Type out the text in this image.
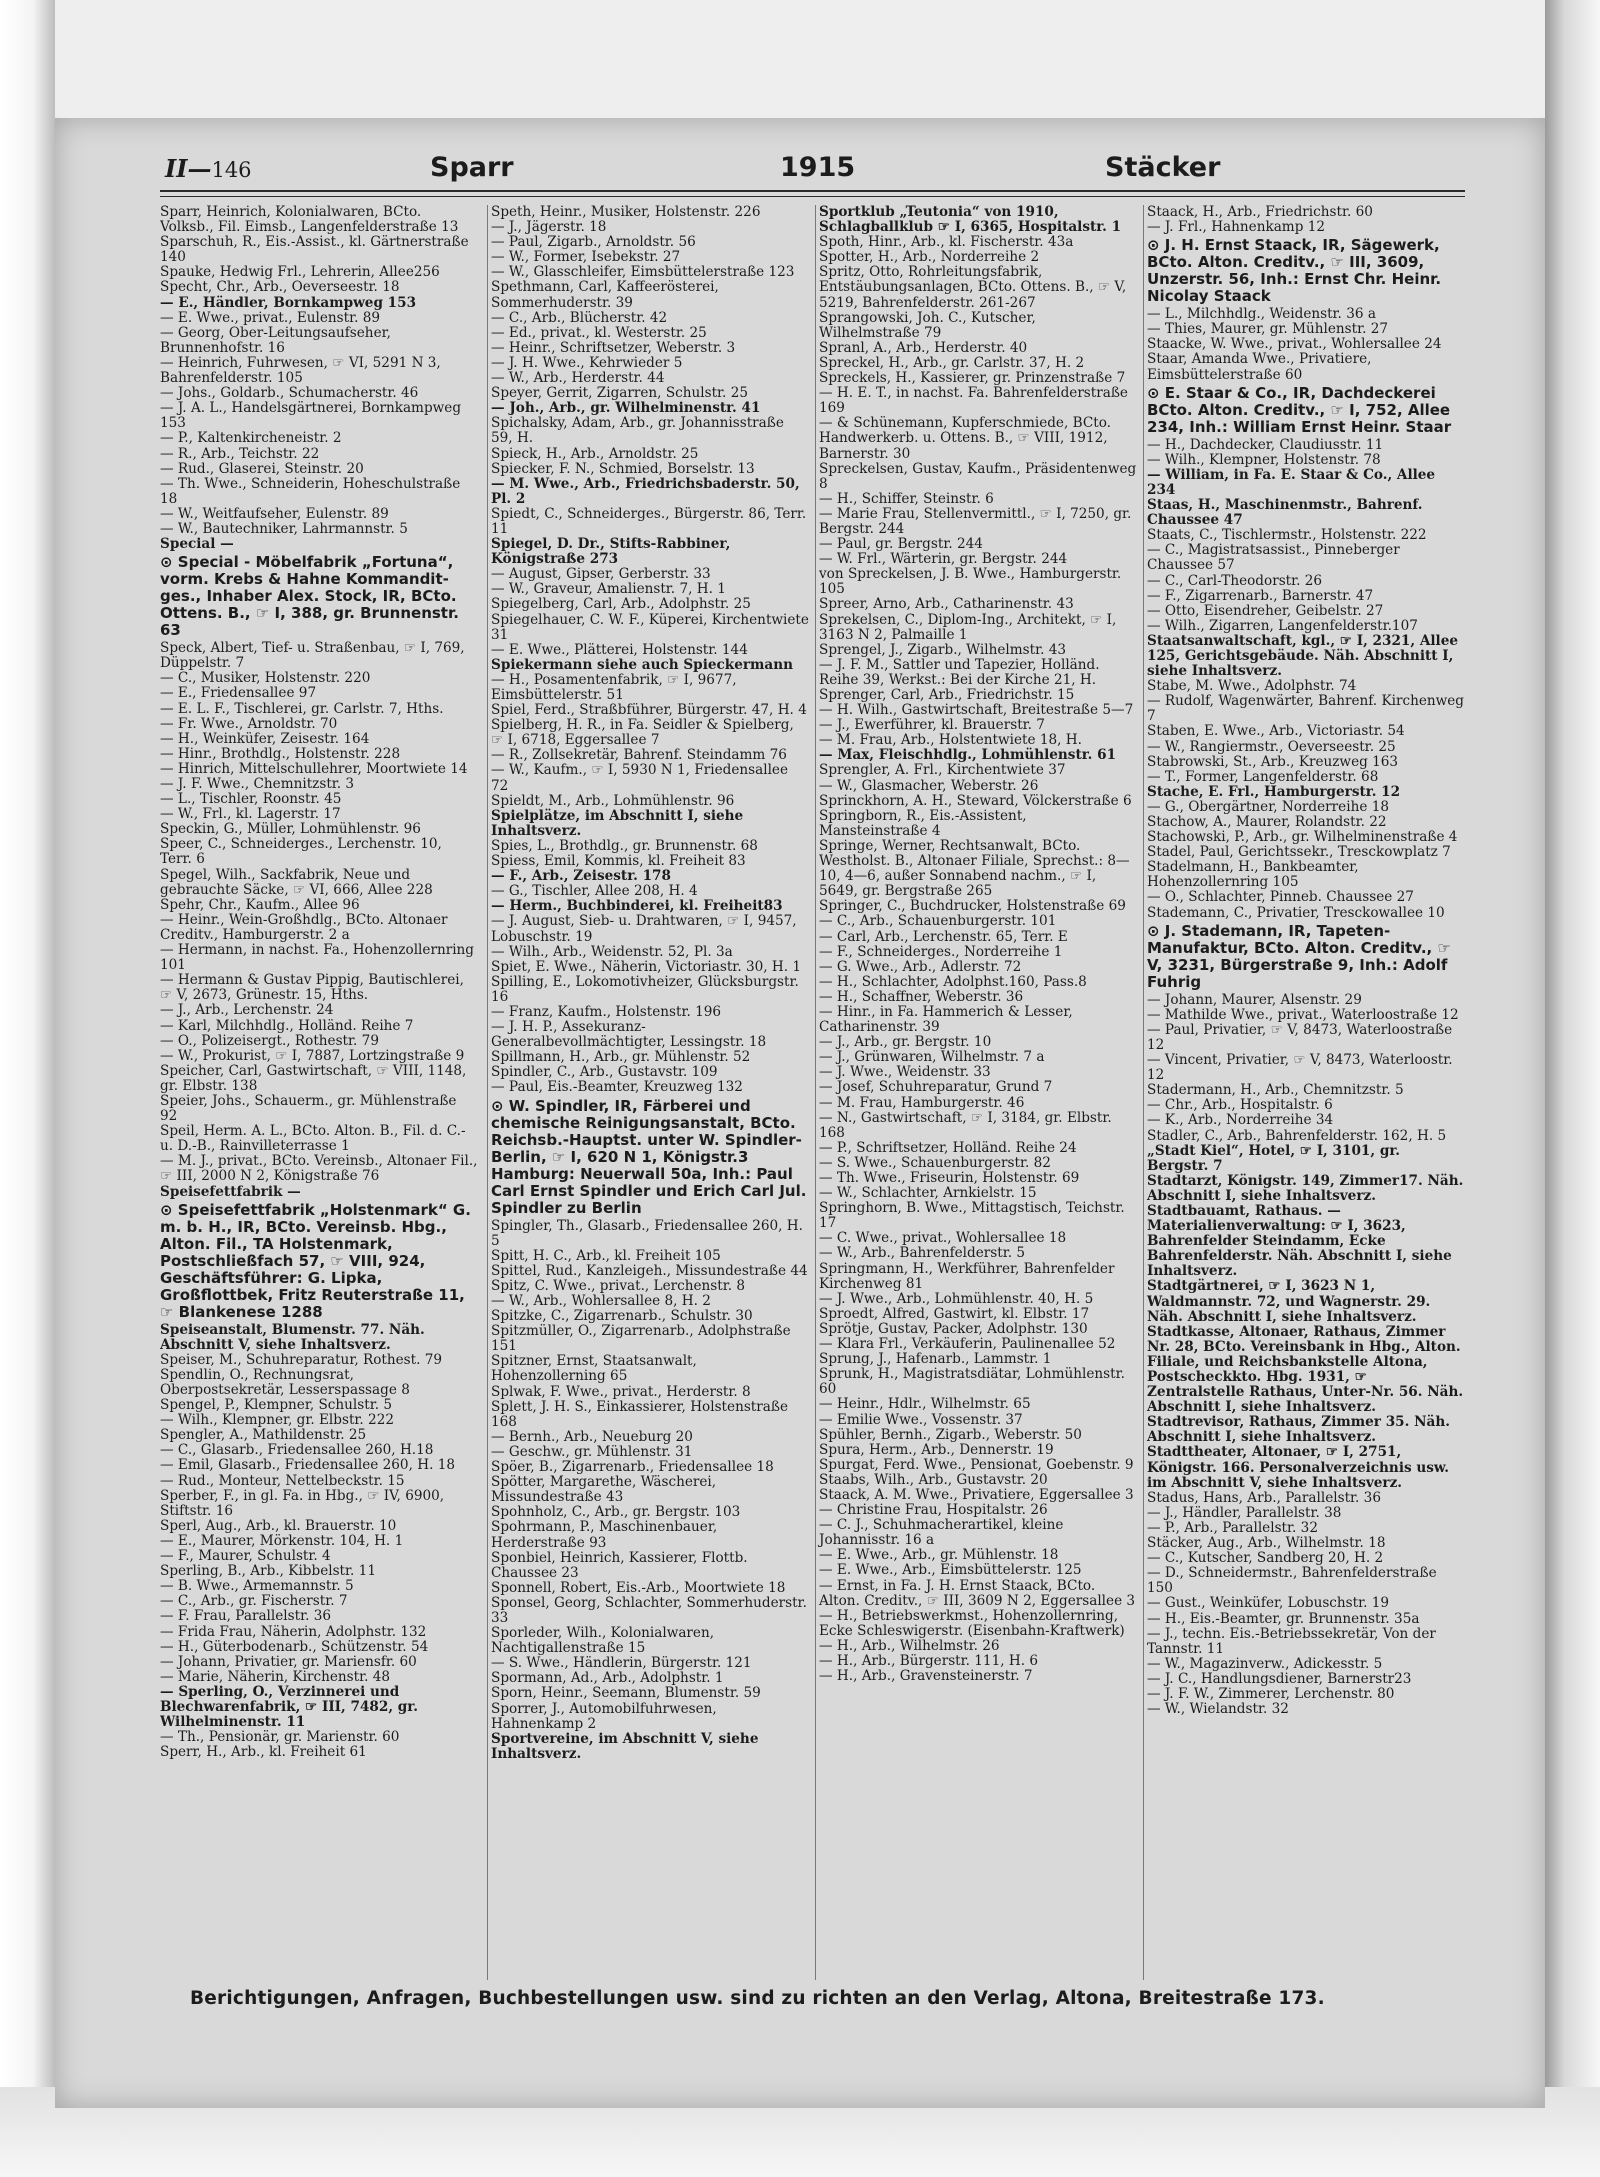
II—146	Sparr	1915	Stäcker

Sparr, Heinrich, Kolonialwaren, BCto. Volksb., Fil. Eimsb., Langenfelderstraße 13

Sparschuh, R., Eis.-Assist., kl. Gärtnerstraße 140

Spauke, Hedwig Frl., Lehrerin, Allee256

Specht, Chr., Arb., Oeverseestr. 18

— E., Händler, Bornkampweg 153

— E. Wwe., privat., Eulenstr. 89

— Georg, Ober-Leitungsaufseher, Brunnenhofstr. 16

— Heinrich, Fuhrwesen, ☞ VI, 5291 N 3, Bahrenfelderstr. 105

— Johs., Goldarb., Schumacherstr. 46

— J. A. L., Handelsgärtnerei, Bornkampweg 153

— P., Kaltenkircheneistr. 2

— R., Arb., Teichstr. 22

— Rud., Glaserei, Steinstr. 20

— Th. Wwe., Schneiderin, Hoheschulstraße 18

— W., Weitfaufseher, Eulenstr. 89

— W., Bautechniker, Lahrmannstr. 5

Special —

⊙ Special - Möbelfabrik „Fortuna“, vorm. Krebs & Hahne Kommandit-ges., Inhaber Alex. Stock, IR, BCto. Ottens. B., ☞ I, 388, gr. Brunnenstr. 63

Speck, Albert, Tief- u. Straßenbau, ☞ I, 769, Düppelstr. 7

— C., Musiker, Holstenstr. 220

— E., Friedensallee 97

— E. L. F., Tischlerei, gr. Carlstr. 7, Hths.

— Fr. Wwe., Arnoldstr. 70

— H., Weinküfer, Zeisestr. 164

— Hinr., Brothdlg., Holstenstr. 228

— Hinrich, Mittelschullehrer, Moortwiete 14

— J. F. Wwe., Chemnitzstr. 3

— L., Tischler, Roonstr. 45

— W., Frl., kl. Lagerstr. 17

Speckin, G., Müller, Lohmühlenstr. 96

Speer, C., Schneiderges., Lerchenstr. 10, Terr. 6

Spegel, Wilh., Sackfabrik, Neue und gebrauchte Säcke, ☞ VI, 666, Allee 228

Spehr, Chr., Kaufm., Allee 96

— Heinr., Wein-Großhdlg., BCto. Altonaer Creditv., Hamburgerstr. 2 a

— Hermann, in nachst. Fa., Hohenzollernring 101

— Hermann & Gustav Pippig, Bautischlerei, ☞ V, 2673, Grünestr. 15, Hths.

— J., Arb., Lerchenstr. 24

— Karl, Milchhdlg., Holländ. Reihe 7

— O., Polizeisergt., Rothestr. 79

— W., Prokurist, ☞ I, 7887, Lortzingstraße 9

Speicher, Carl, Gastwirtschaft, ☞ VIII, 1148, gr. Elbstr. 138

Speier, Johs., Schauerm., gr. Mühlenstraße 92

Speil, Herm. A. L., BCto. Alton. B., Fil. d. C.- u. D.-B., Rainvilleterrasse 1

— M. J., privat., BCto. Vereinsb., Altonaer Fil., ☞ III, 2000 N 2, Königstraße 76

Speisefettfabrik —

⊙ Speisefettfabrik „Holstenmark“ G. m. b. H., IR, BCto. Vereinsb. Hbg., Alton. Fil., TA Holstenmark, Postschließfach 57, ☞ VIII, 924, Geschäftsführer: G. Lipka, Großflottbek, Fritz Reuterstraße 11, ☞ Blankenese 1288

Speiseanstalt, Blumenstr. 77. Näh. Abschnitt V, siehe Inhaltsverz.

Speiser, M., Schuhreparatur, Rothest. 79

Spendlin, O., Rechnungsrat, Oberpostsekretär, Lesserspassage 8

Spengel, P., Klempner, Schulstr. 5

— Wilh., Klempner, gr. Elbstr. 222

Spengler, A., Mathildenstr. 25

— C., Glasarb., Friedensallee 260, H.18

— Emil, Glasarb., Friedensallee 260, H. 18

— Rud., Monteur, Nettelbeckstr. 15

Sperber, F., in gl. Fa. in Hbg., ☞ IV, 6900, Stiftstr. 16

Sperl, Aug., Arb., kl. Brauerstr. 10

— E., Maurer, Mörkenstr. 104, H. 1

— F., Maurer, Schulstr. 4

Sperling, B., Arb., Kibbelstr. 11

— B. Wwe., Armemannstr. 5

— C., Arb., gr. Fischerstr. 7

— F. Frau, Parallelstr. 36

— Frida Frau, Näherin, Adolphstr. 132

— H., Güterbodenarb., Schützenstr. 54

— Johann, Privatier, gr. Mariensfr. 60

— Marie, Näherin, Kirchenstr. 48

— Sperling, O., Verzinnerei und Blechwarenfabrik, ☞ III, 7482, gr. Wilhelminenstr. 11

— Th., Pensionär, gr. Marienstr. 60

Sperr, H., Arb., kl. Freiheit 61

Speth, Heinr., Musiker, Holstenstr. 226

— J., Jägerstr. 18

— Paul, Zigarb., Arnoldstr. 56

— W., Former, Isebekstr. 27

— W., Glasschleifer, Eimsbüttelerstraße 123

Spethmann, Carl, Kaffeerösterei, Sommerhuderstr. 39

— C., Arb., Blücherstr. 42

— Ed., privat., kl. Westerstr. 25

— Heinr., Schriftsetzer, Weberstr. 3

— J. H. Wwe., Kehrwieder 5

— W., Arb., Herderstr. 44

Speyer, Gerrit, Zigarren, Schulstr. 25

— Joh., Arb., gr. Wilhelminenstr. 41

Spichalsky, Adam, Arb., gr. Johannisstraße 59, H.

Spieck, H., Arb., Arnoldstr. 25

Spiecker, F. N., Schmied, Borselstr. 13

— M. Wwe., Arb., Friedrichsbaderstr. 50, Pl. 2

Spiedt, C., Schneiderges., Bürgerstr. 86, Terr. 11

Spiegel, D. Dr., Stifts-Rabbiner, Königstraße 273

— August, Gipser, Gerberstr. 33

— W., Graveur, Amalienstr. 7, H. 1

Spiegelberg, Carl, Arb., Adolphstr. 25

Spiegelhauer, C. W. F., Küperei, Kirchentwiete 31

— E. Wwe., Plätterei, Holstenstr. 144

Spiekermann siehe auch Spieckermann

— H., Posamentenfabrik, ☞ I, 9677, Eimsbüttelerstr. 51

Spiel, Ferd., Straßbführer, Bürgerstr. 47, H. 4

Spielberg, H. R., in Fa. Seidler & Spielberg, ☞ I, 6718, Eggersallee 7

— R., Zollsekretär, Bahrenf. Steindamm 76

— W., Kaufm., ☞ I, 5930 N 1, Friedensallee 72

Spieldt, M., Arb., Lohmühlenstr. 96

Spielplätze, im Abschnitt I, siehe Inhaltsverz.

Spies, L., Brothdlg., gr. Brunnenstr. 68

Spiess, Emil, Kommis, kl. Freiheit 83

— F., Arb., Zeisestr. 178

— G., Tischler, Allee 208, H. 4

— Herm., Buchbinderei, kl. Freiheit83

— J. August, Sieb- u. Drahtwaren, ☞ I, 9457, Lobuschstr. 19

— Wilh., Arb., Weidenstr. 52, Pl. 3a

Spiet, E. Wwe., Näherin, Victoriastr. 30, H. 1

Spilling, E., Lokomotivheizer, Glücksburgstr. 16

— Franz, Kaufm., Holstenstr. 196

— J. H. P., Assekuranz-Generalbevollmächtigter, Lessingstr. 18

Spillmann, H., Arb., gr. Mühlenstr. 52

Spindler, C., Arb., Gustavstr. 109

— Paul, Eis.-Beamter, Kreuzweg 132

⊙ W. Spindler, IR, Färberei und chemische Reinigungsanstalt, BCto. Reichsb.-Hauptst. unter W. Spindler-Berlin, ☞ I, 620 N 1, Königstr.3 Hamburg: Neuerwall 50a, Inh.: Paul Carl Ernst Spindler und Erich Carl Jul. Spindler zu Berlin

Spingler, Th., Glasarb., Friedensallee 260, H. 5

Spitt, H. C., Arb., kl. Freiheit 105

Spittel, Rud., Kanzleigeh., Missundestraße 44

Spitz, C. Wwe., privat., Lerchenstr. 8

— W., Arb., Wohlersallee 8, H. 2

Spitzke, C., Zigarrenarb., Schulstr. 30

Spitzmüller, O., Zigarrenarb., Adolphstraße 151

Spitzner, Ernst, Staatsanwalt, Hohenzollerning 65

Splwak, F. Wwe., privat., Herderstr. 8

Splett, J. H. S., Einkassierer, Holstenstraße 168

— Bernh., Arb., Neueburg 20

— Geschw., gr. Mühlenstr. 31

Spöer, B., Zigarrenarb., Friedensallee 18

Spötter, Margarethe, Wäscherei, Missundestraße 43

Spohnholz, C., Arb., gr. Bergstr. 103

Spohrmann, P., Maschinenbauer, Herderstraße 93

Sponbiel, Heinrich, Kassierer, Flottb. Chaussee 23

Sponnell, Robert, Eis.-Arb., Moortwiete 18

Sponsel, Georg, Schlachter, Sommerhuderstr. 33

Sporleder, Wilh., Kolonialwaren, Nachtigallenstraße 15

— S. Wwe., Händlerin, Bürgerstr. 121

Spormann, Ad., Arb., Adolphstr. 1

Sporn, Heinr., Seemann, Blumenstr. 59

Sporrer, J., Automobilfuhrwesen, Hahnenkamp 2

Sportvereine, im Abschnitt V, siehe Inhaltsverz.

Sportklub „Teutonia“ von 1910, Schlagballklub ☞ I, 6365, Hospitalstr. 1

Spoth, Hinr., Arb., kl. Fischerstr. 43a

Spotter, H., Arb., Norderreihe 2

Spritz, Otto, Rohrleitungsfabrik, Entstäubungsanlagen, BCto. Ottens. B., ☞ V, 5219, Bahrenfelderstr. 261-267

Sprangowski, Joh. C., Kutscher, Wilhelmstraße 79

Spranl, A., Arb., Herderstr. 40

Spreckel, H., Arb., gr. Carlstr. 37, H. 2

Spreckels, H., Kassierer, gr. Prinzenstraße 7

— H. E. T., in nachst. Fa. Bahrenfelderstraße 169

— & Schünemann, Kupferschmiede, BCto. Handwerkerb. u. Ottens. B., ☞ VIII, 1912, Barnerstr. 30

Spreckelsen, Gustav, Kaufm., Präsidentenweg 8

— H., Schiffer, Steinstr. 6

— Marie Frau, Stellenvermittl., ☞ I, 7250, gr. Bergstr. 244

— Paul, gr. Bergstr. 244

— W. Frl., Wärterin, gr. Bergstr. 244

von Spreckelsen, J. B. Wwe., Hamburgerstr. 105

Spreer, Arno, Arb., Catharinenstr. 43

Sprekelsen, C., Diplom-Ing., Architekt, ☞ I, 3163 N 2, Palmaille 1

Sprengel, J., Zigarb., Wilhelmstr. 43

— J. F. M., Sattler und Tapezier, Holländ. Reihe 39, Werkst.: Bei der Kirche 21, H.

Sprenger, Carl, Arb., Friedrichstr. 15

— H. Wilh., Gastwirtschaft, Breitestraße 5—7

— J., Ewerführer, kl. Brauerstr. 7

— M. Frau, Arb., Holstentwiete 18, H.

— Max, Fleischhdlg., Lohmühlenstr. 61

Sprengler, A. Frl., Kirchentwiete 37

— W., Glasmacher, Weberstr. 26

Sprinckhorn, A. H., Steward, Völckerstraße 6

Springborn, R., Eis.-Assistent, Mansteinstraße 4

Springe, Werner, Rechtsanwalt, BCto. Westholst. B., Altonaer Filiale, Sprechst.: 8—10, 4—6, außer Sonnabend nachm., ☞ I, 5649, gr. Bergstraße 265

Springer, C., Buchdrucker, Holstenstraße 69

— C., Arb., Schauenburgerstr. 101

— Carl, Arb., Lerchenstr. 65, Terr. E

— F., Schneiderges., Norderreihe 1

— G. Wwe., Arb., Adlerstr. 72

— H., Schlachter, Adolphst.160, Pass.8

— H., Schaffner, Weberstr. 36

— Hinr., in Fa. Hammerich & Lesser, Catharinenstr. 39

— J., Arb., gr. Bergstr. 10

— J., Grünwaren, Wilhelmstr. 7 a

— J. Wwe., Weidenstr. 33

— Josef, Schuhreparatur, Grund 7

— M. Frau, Hamburgerstr. 46

— N., Gastwirtschaft, ☞ I, 3184, gr. Elbstr. 168

— P., Schriftsetzer, Holländ. Reihe 24

— S. Wwe., Schauenburgerstr. 82

— Th. Wwe., Friseurin, Holstenstr. 69

— W., Schlachter, Arnkielstr. 15

Springhorn, B. Wwe., Mittagstisch, Teichstr. 17

— C. Wwe., privat., Wohlersallee 18

— W., Arb., Bahrenfelderstr. 5

Springmann, H., Werkführer, Bahrenfelder Kirchenweg 81

— J. Wwe., Arb., Lohmühlenstr. 40, H. 5

Sproedt, Alfred, Gastwirt, kl. Elbstr. 17

Sprötje, Gustav, Packer, Adolphstr. 130

— Klara Frl., Verkäuferin, Paulinenallee 52

Sprung, J., Hafenarb., Lammstr. 1

Sprunk, H., Magistratsdiätar, Lohmühlenstr. 60

— Heinr., Hdlr., Wilhelmstr. 65

— Emilie Wwe., Vossenstr. 37

Spühler, Bernh., Zigarb., Weberstr. 50

Spura, Herm., Arb., Dennerstr. 19

Spurgat, Ferd. Wwe., Pensionat, Goebenstr. 9

Staabs, Wilh., Arb., Gustavstr. 20

Staack, A. M. Wwe., Privatiere, Eggersallee 3

— Christine Frau, Hospitalstr. 26

— C. J., Schuhmacherartikel, kleine Johannisstr. 16 a

— E. Wwe., Arb., gr. Mühlenstr. 18

— E. Wwe., Arb., Eimsbüttelerstr. 125

— Ernst, in Fa. J. H. Ernst Staack, BCto. Alton. Creditv., ☞ III, 3609 N 2, Eggersallee 3

— H., Betriebswerkmst., Hohenzollernring, Ecke Schleswigerstr. (Eisenbahn-Kraftwerk)

— H., Arb., Wilhelmstr. 26

— H., Arb., Bürgerstr. 111, H. 6

— H., Arb., Gravensteinerstr. 7

Staack, H., Arb., Friedrichstr. 60

— J. Frl., Hahnenkamp 12

⊙ J. H. Ernst Staack, IR, Sägewerk, BCto. Alton. Creditv., ☞ III, 3609, Unzerstr. 56, Inh.: Ernst Chr. Heinr. Nicolay Staack

— L., Milchhdlg., Weidenstr. 36 a

— Thies, Maurer, gr. Mühlenstr. 27

Staacke, W. Wwe., privat., Wohlersallee 24

Staar, Amanda Wwe., Privatiere, Eimsbüttelerstraße 60

⊙ E. Staar & Co., IR, Dachdeckerei BCto. Alton. Creditv., ☞ I, 752, Allee 234, Inh.: William Ernst Heinr. Staar

— H., Dachdecker, Claudiusstr. 11

— Wilh., Klempner, Holstenstr. 78

— William, in Fa. E. Staar & Co., Allee 234

Staas, H., Maschinenmstr., Bahrenf. Chaussee 47

Staats, C., Tischlermstr., Holstenstr. 222

— C., Magistratsassist., Pinneberger Chaussee 57

— C., Carl-Theodorstr. 26

— F., Zigarrenarb., Barnerstr. 47

— Otto, Eisendreher, Geibelstr. 27

— Wilh., Zigarren, Langenfelderstr.107

Staatsanwaltschaft, kgl., ☞ I, 2321, Allee 125, Gerichtsgebäude. Näh. Abschnitt I, siehe Inhaltsverz.

Stabe, M. Wwe., Adolphstr. 74

— Rudolf, Wagenwärter, Bahrenf. Kirchenweg 7

Staben, E. Wwe., Arb., Victoriastr. 54

— W., Rangiermstr., Oeverseestr. 25

Stabrowski, St., Arb., Kreuzweg 163

— T., Former, Langenfelderstr. 68

Stache, E. Frl., Hamburgerstr. 12

— G., Obergärtner, Norderreihe 18

Stachow, A., Maurer, Rolandstr. 22

Stachowski, P., Arb., gr. Wilhelminenstraße 4

Stadel, Paul, Gerichtssekr., Tresckowplatz 7

Stadelmann, H., Bankbeamter, Hohenzollernring 105

— O., Schlachter, Pinneb. Chaussee 27

Stademann, C., Privatier, Tresckowallee 10

⊙ J. Stademann, IR, Tapeten-Manufaktur, BCto. Alton. Creditv., ☞ V, 3231, Bürgerstraße 9, Inh.: Adolf Fuhrig

— Johann, Maurer, Alsenstr. 29

— Mathilde Wwe., privat., Waterloostraße 12

— Paul, Privatier, ☞ V, 8473, Waterloostraße 12

— Vincent, Privatier, ☞ V, 8473, Waterloostr. 12

Stadermann, H., Arb., Chemnitzstr. 5

— Chr., Arb., Hospitalstr. 6

— K., Arb., Norderreihe 34

Stadler, C., Arb., Bahrenfelderstr. 162, H. 5

„Stadt Kiel“, Hotel, ☞ I, 3101, gr. Bergstr. 7

Stadtarzt, Königstr. 149, Zimmer17. Näh. Abschnitt I, siehe Inhaltsverz.

Stadtbauamt, Rathaus. — Materialienverwaltung: ☞ I, 3623, Bahrenfelder Steindamm, Ecke Bahrenfelderstr. Näh. Abschnitt I, siehe Inhaltsverz.

Stadtgärtnerei, ☞ I, 3623 N 1, Waldmannstr. 72, und Wagnerstr. 29. Näh. Abschnitt I, siehe Inhaltsverz.

Stadtkasse, Altonaer, Rathaus, Zimmer Nr. 28, BCto. Vereinsbank in Hbg., Alton. Filiale, und Reichsbankstelle Altona, Postscheckkto. Hbg. 1931, ☞ Zentralstelle Rathaus, Unter-Nr. 56. Näh. Abschnitt I, siehe Inhaltsverz.

Stadtrevisor, Rathaus, Zimmer 35. Näh. Abschnitt I, siehe Inhaltsverz.

Stadttheater, Altonaer, ☞ I, 2751, Königstr. 166. Personalverzeichnis usw. im Abschnitt V, siehe Inhaltsverz.

Stadus, Hans, Arb., Parallelstr. 36

— J., Händler, Parallelstr. 38

— P., Arb., Parallelstr. 32

Stäcker, Aug., Arb., Wilhelmstr. 18

— C., Kutscher, Sandberg 20, H. 2

— D., Schneidermstr., Bahrenfelderstraße 150

— Gust., Weinküfer, Lobuschstr. 19

— H., Eis.-Beamter, gr. Brunnenstr. 35a

— J., techn. Eis.-Betriebssekretär, Von der Tannstr. 11

— W., Magazinverw., Adickesstr. 5

— J. C., Handlungsdiener, Barnerstr23

— J. F. W., Zimmerer, Lerchenstr. 80

— W., Wielandstr. 32

Berichtigungen, Anfragen, Buchbestellungen usw. sind zu richten an den Verlag, Altona, Breitestraße 173.
